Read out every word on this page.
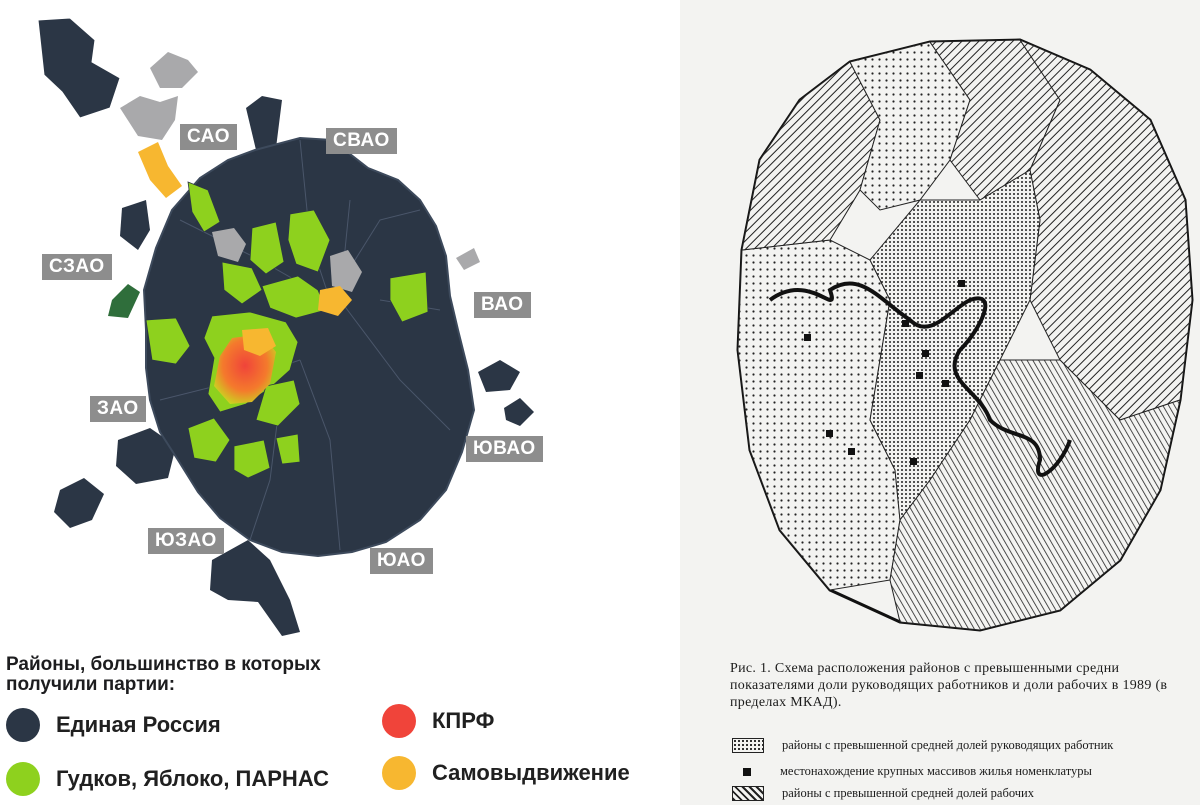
САО	СВАО
СЗАО
ВАО
ЗАО
ЮВАО
ЮЗАО
ЮАО
Районы, большинство в которых получили партии:
Единая Россия	КПРФ
Гудков, Яблоко, ПАРНАС	Самовыдвижение
Рис. 1. Схема расположения районов с превышенными средни показателями доли руководящих работников и доли рабочих в 1989 (в пределах МКАД).
районы с превышенной средней долей руководящих работник
местонахождение крупных массивов жилья номенклатуры
районы с превышенной средней долей рабочих
